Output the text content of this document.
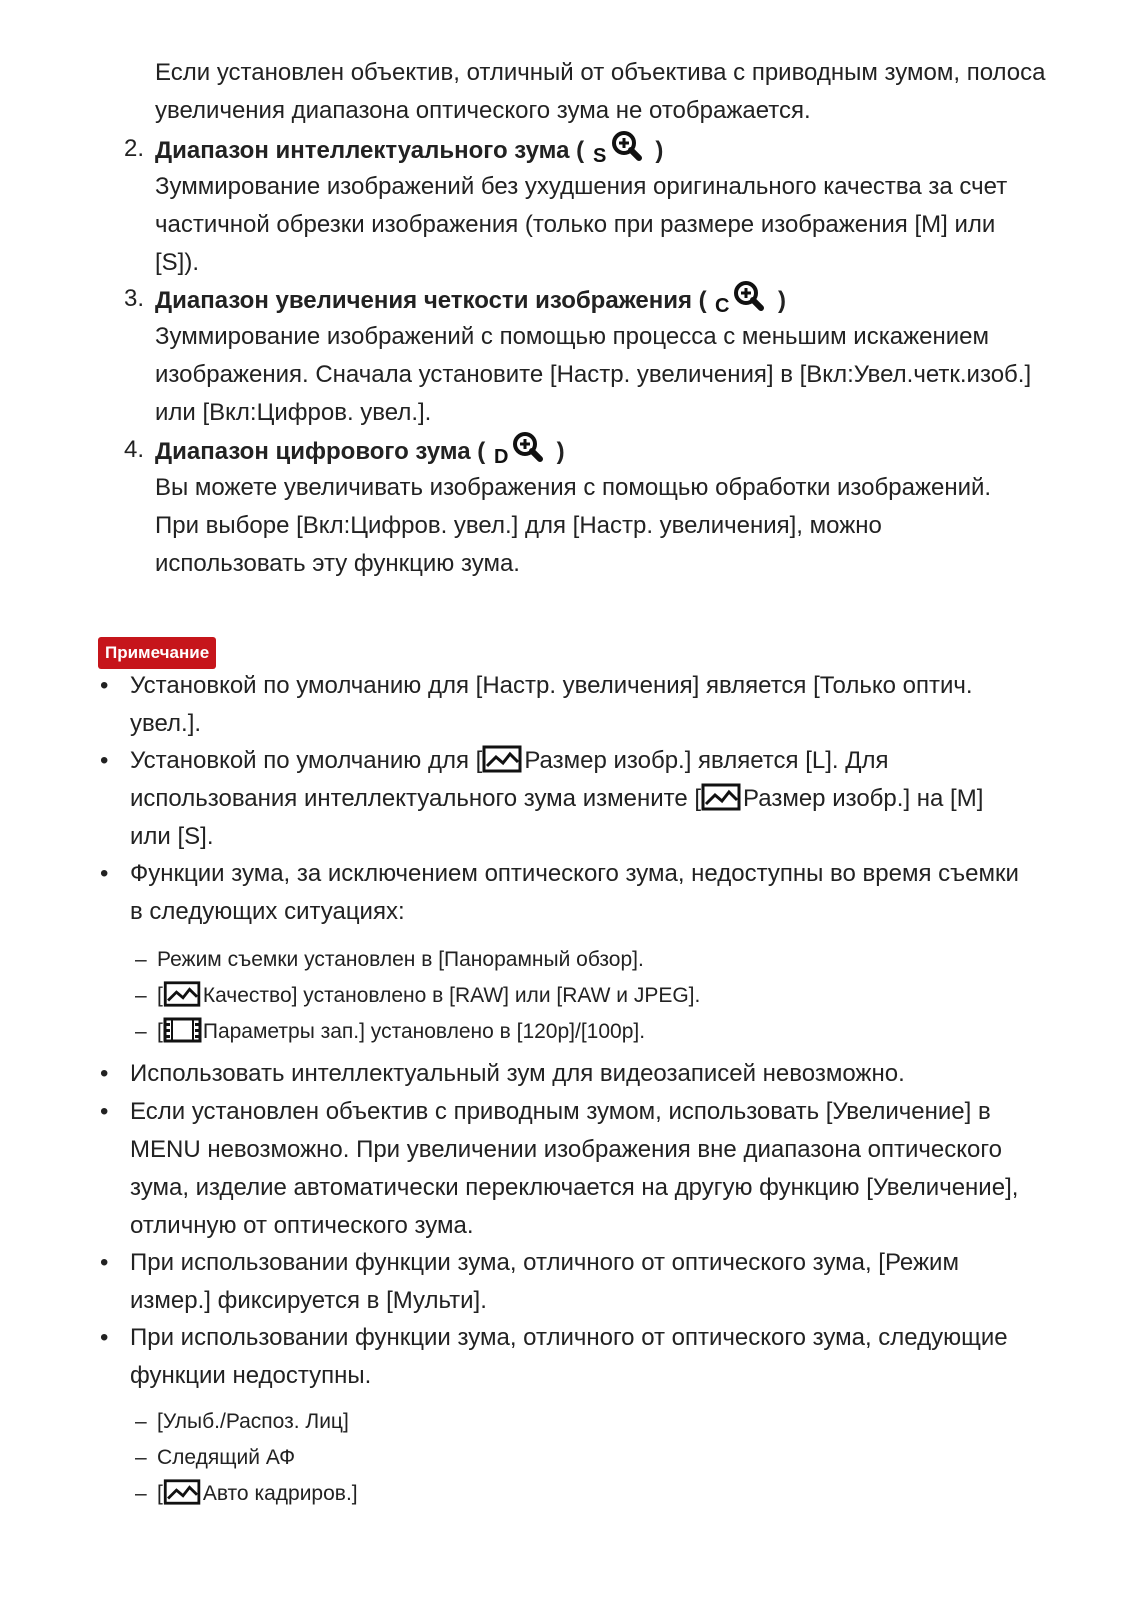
Если установлен объектив, отличный от объектива с приводным зумом, полоса увеличения диапазона оптического зума не отображается.

2. Диапазон интеллектуального зума ( S )

Зуммирование изображений без ухудшения оригинального качества за счет частичной обрезки изображения (только при размере изображения [M] или [S]).

3. Диапазон увеличения четкости изображения ( C )

Зуммирование изображений с помощью процесса с меньшим искажением изображения. Сначала установите [Настр. увеличения] в [Вкл:Увел.четк.изоб.] или [Вкл:Цифров. увел.].

4. Диапазон цифрового зума ( D )

Вы можете увеличивать изображения с помощью обработки изображений. При выборе [Вкл:Цифров. увел.] для [Настр. увеличения], можно использовать эту функцию зума.

Примечание
• Установкой по умолчанию для [Настр. увеличения] является [Только оптич. увел.].
• Установкой по умолчанию для [ Размер изобр.] является [L]. Для использования интеллектуального зума измените [ Размер изобр.] на [M] или [S].
• Функции зума, за исключением оптического зума, недоступны во время съемки в следующих ситуациях:
– Режим съемки установлен в [Панорамный обзор].
– [ Качество] установлено в [RAW] или [RAW и JPEG].
– [ Параметры зап.] установлено в [120p]/[100p].
• Использовать интеллектуальный зум для видеозаписей невозможно.
• Если установлен объектив с приводным зумом, использовать [Увеличение] в MENU невозможно. При увеличении изображения вне диапазона оптического зума, изделие автоматически переключается на другую функцию [Увеличение], отличную от оптического зума.
• При использовании функции зума, отличного от оптического зума, [Режим измер.] фиксируется в [Мульти].
• При использовании функции зума, отличного от оптического зума, следующие функции недоступны.
– [Улыб./Распоз. Лиц]
– Следящий АФ
– [ Авто кадриров.]
